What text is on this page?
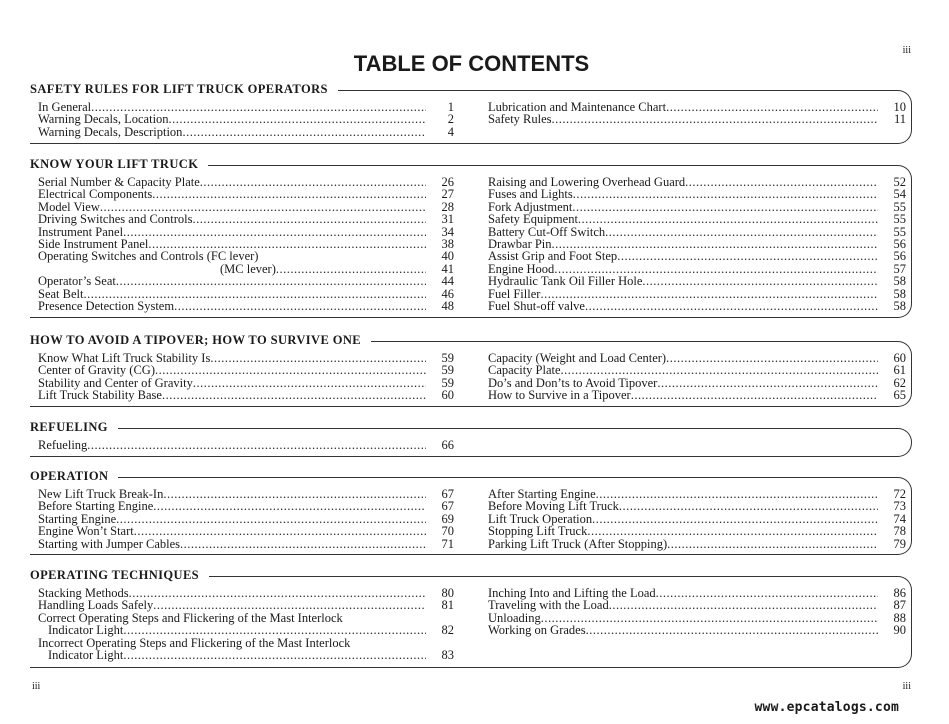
iii
TABLE OF CONTENTS
SAFETY RULES FOR LIFT TRUCK OPERATORS
In General .....	1
Warning Decals, Location .....	2
Warning Decals, Description .....	4
Lubrication and Maintenance Chart .....	10
Safety Rules .....	11
KNOW YOUR LIFT TRUCK
Serial Number & Capacity Plate .....	26
Electrical Components .....	27
Model View .....	28
Driving Switches and Controls .....	31
Instrument Panel .....	34
Side Instrument Panel .....	38
Operating Switches and Controls (FC lever)	40
(MC lever) .....	41
Operator’s Seat .....	44
Seat Belt .....	46
Presence Detection System .....	48
Raising and Lowering Overhead Guard .....	52
Fuses and Lights .....	54
Fork Adjustment .....	55
Safety Equipment .....	55
Battery Cut-Off Switch .....	55
Drawbar Pin .....	56
Assist Grip and Foot Step .....	56
Engine Hood .....	57
Hydraulic Tank Oil Filler Hole .....	58
Fuel Filler .....	58
Fuel Shut-off valve .....	58
HOW TO AVOID A TIPOVER; HOW TO SURVIVE ONE
Know What Lift Truck Stability Is .....	59
Center of Gravity (CG) .....	59
Stability and Center of Gravity .....	59
Lift Truck Stability Base .....	60
Capacity (Weight and Load Center) .....	60
Capacity Plate .....	61
Do’s and Don’ts to Avoid Tipover .....	62
How to Survive in a Tipover .....	65
REFUELING
Refueling .....	66
OPERATION
New Lift Truck Break-In .....	67
Before Starting Engine .....	67
Starting Engine .....	69
Engine Won’t Start .....	70
Starting with Jumper Cables .....	71
After Starting Engine .....	72
Before Moving Lift Truck .....	73
Lift Truck Operation .....	74
Stopping Lift Truck .....	78
Parking Lift Truck (After Stopping) .....	79
OPERATING TECHNIQUES
Stacking Methods .....	80
Handling Loads Safely .....	81
Correct Operating Steps and Flickering of the Mast Interlock
Indicator Light .....	82
Incorrect Operating Steps and Flickering of the Mast Interlock
Indicator Light .....	83
Inching Into and Lifting the Load .....	86
Traveling with the Load .....	87
Unloading .....	88
Working on Grades .....	90
iii	iii
www.epcatalogs.com
